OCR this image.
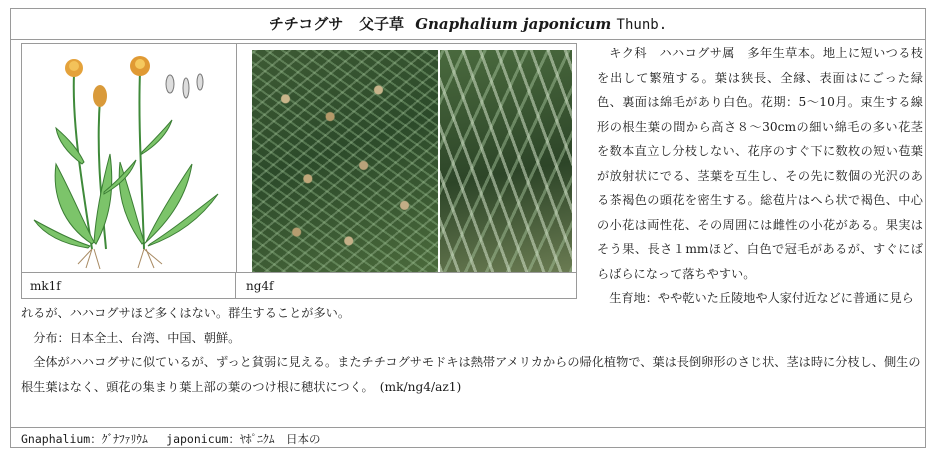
チチコグサ 父子草 Gnaphalium japonicum Thunb.
mk1f	ng4f

キク科　ハハコグサ属　多年生草本。地上に短いつる枝を出して繁殖する。葉は狭長、全縁、表面はにごった緑色、裏面は綿毛があり白色。花期：5～10月。束生する線形の根生葉の間から高さ８～30cmの細い綿毛の多い花茎を数本直立し分枝しない、花序のすぐ下に数枚の短い苞葉が放射状にでる、茎葉を互生し、その先に数個の光沢のある茶褐色の頭花を密生する。総苞片はへら状で褐色、中心の小花は両性花、その周囲には雌性の小花がある。果実はそう果、長さ１mmほど、白色で冠毛があるが、すぐにばらばらになって落ちやすい。

生育地：やや乾いた丘陵地や人家付近などに普通に見ら

れるが、ハハコグサほど多くはない。群生することが多い。

分布：日本全土、台湾、中国、朝鮮。

全体がハハコグサに似ているが、ずっと貧弱に見える。またチチコグサモドキは熱帯アメリカからの帰化植物で、葉は長倒卵形のさじ状、茎は時に分枝し、側生の根生葉はなく、頭花の集まり葉上部の葉のつけ根に穂状につく。　(mk/ng4/az1)

Gnaphalium：ｸﾞﾅﾌｧﾘｳﾑ　 japonicum：ﾔﾎﾟﾆｸﾑ　日本の
